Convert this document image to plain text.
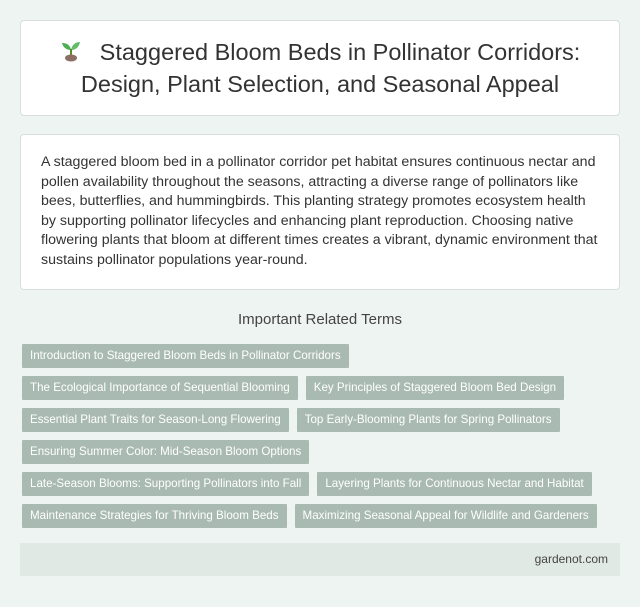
Staggered Bloom Beds in Pollinator Corridors: Design, Plant Selection, and Seasonal Appeal

A staggered bloom bed in a pollinator corridor pet habitat ensures continuous nectar and pollen availability throughout the seasons, attracting a diverse range of pollinators like bees, butterflies, and hummingbirds. This planting strategy promotes ecosystem health by supporting pollinator lifecycles and enhancing plant reproduction. Choosing native flowering plants that bloom at different times creates a vibrant, dynamic environment that sustains pollinator populations year-round.

Important Related Terms
Introduction to Staggered Bloom Beds in Pollinator Corridors
The Ecological Importance of Sequential Blooming	Key Principles of Staggered Bloom Bed Design
Essential Plant Traits for Season-Long Flowering	Top Early-Blooming Plants for Spring Pollinators
Ensuring Summer Color: Mid-Season Bloom Options
Late-Season Blooms: Supporting Pollinators into Fall	Layering Plants for Continuous Nectar and Habitat
Maintenance Strategies for Thriving Bloom Beds	Maximizing Seasonal Appeal for Wildlife and Gardeners
gardenot.com
